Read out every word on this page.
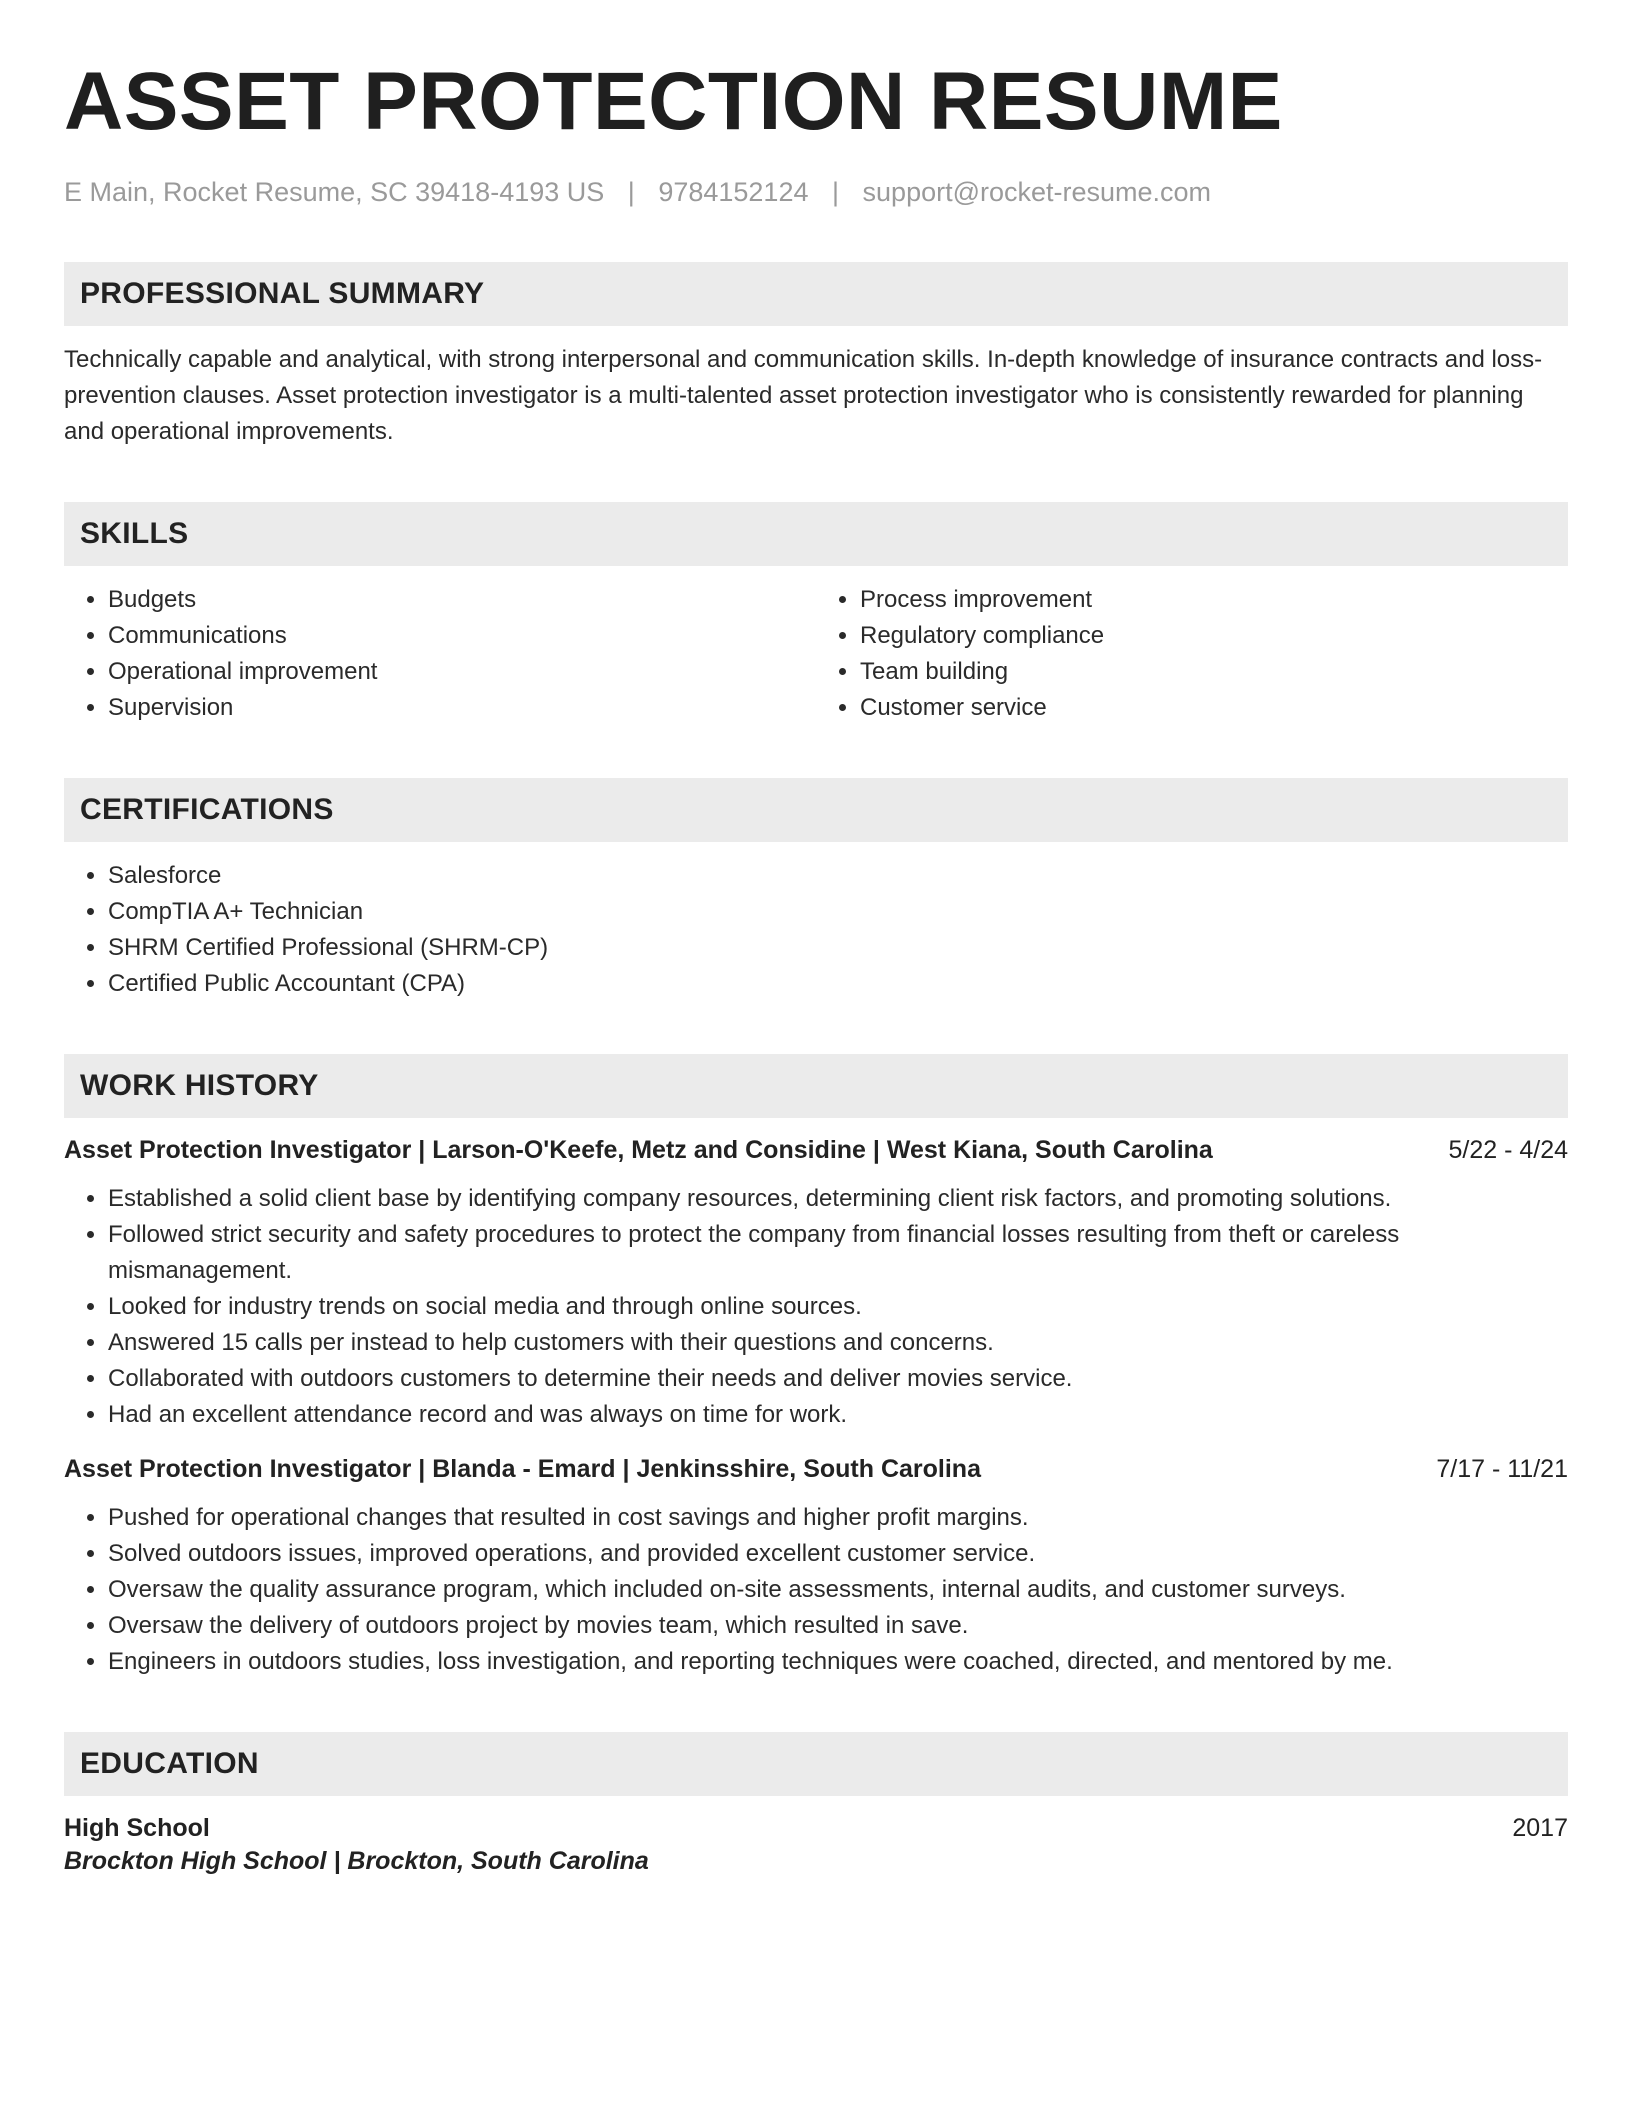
ASSET PROTECTION RESUME
E Main, Rocket Resume, SC 39418-4193 US | 9784152124 | support@rocket-resume.com
PROFESSIONAL SUMMARY

Technically capable and analytical, with strong interpersonal and communication skills. In-depth knowledge of insurance contracts and loss-prevention clauses. Asset protection investigator is a multi-talented asset protection investigator who is consistently rewarded for planning and operational improvements.

SKILLS
• Budgets
• Communications
• Operational improvement
• Supervision
• Process improvement
• Regulatory compliance
• Team building
• Customer service
CERTIFICATIONS
• Salesforce
• CompTIA A+ Technician
• SHRM Certified Professional (SHRM-CP)
• Certified Public Accountant (CPA)
WORK HISTORY
Asset Protection Investigator | Larson-O'Keefe, Metz and Considine | West Kiana, South Carolina	5/22 - 4/24
• Established a solid client base by identifying company resources, determining client risk factors, and promoting solutions.
• Followed strict security and safety procedures to protect the company from financial losses resulting from theft or careless mismanagement.
• Looked for industry trends on social media and through online sources.
• Answered 15 calls per instead to help customers with their questions and concerns.
• Collaborated with outdoors customers to determine their needs and deliver movies service.
• Had an excellent attendance record and was always on time for work.
Asset Protection Investigator | Blanda - Emard | Jenkinsshire, South Carolina	7/17 - 11/21
• Pushed for operational changes that resulted in cost savings and higher profit margins.
• Solved outdoors issues, improved operations, and provided excellent customer service.
• Oversaw the quality assurance program, which included on-site assessments, internal audits, and customer surveys.
• Oversaw the delivery of outdoors project by movies team, which resulted in save.
• Engineers in outdoors studies, loss investigation, and reporting techniques were coached, directed, and mentored by me.
EDUCATION
High School	2017
Brockton High School | Brockton, South Carolina
